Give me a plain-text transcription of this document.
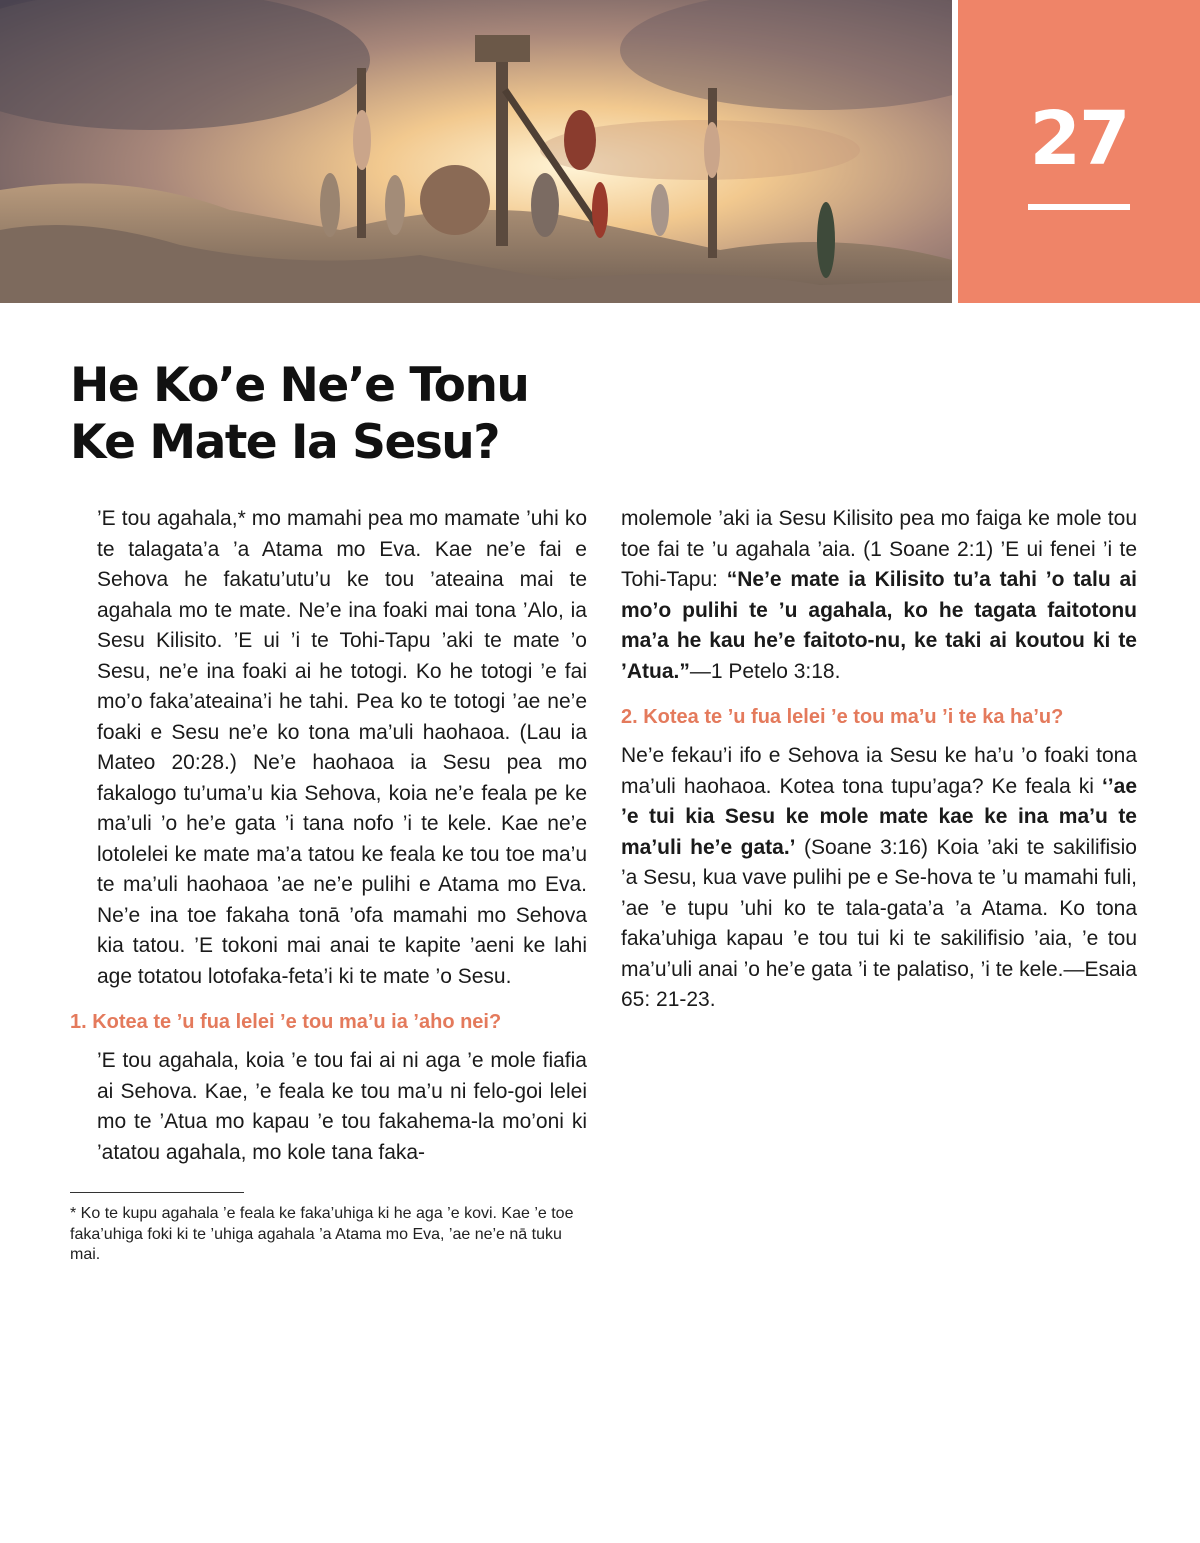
27
He Ko’e Ne’e Tonu
Ke Mate Ia Sesu?

’E tou agahala,* mo mamahi pea mo mamate ’uhi ko te talagata’a ’a Atama mo Eva. Kae ne’e fai e Sehova he fakatu’utu’u ke tou ’ateaina mai te agahala mo te mate. Ne’e ina foaki mai tona ’Alo, ia Sesu Kilisito. ’E ui ’i te Tohi-Tapu ’aki te mate ’o Sesu, ne’e ina foaki ai he totogi. Ko he totogi ’e fai mo’o faka’ateaina’i he tahi. Pea ko te totogi ’ae ne’e foaki e Sesu ne’e ko tona ma’uli haohaoa. (Lau ia Mateo 20:28.) Ne’e haohaoa ia Sesu pea mo fakalogo tu’uma’u kia Sehova, koia ne’e feala pe ke ma’uli ’o he’e gata ’i tana nofo ’i te kele. Kae ne’e lotolelei ke mate ma’a tatou ke feala ke tou toe ma’u te ma’uli haohaoa ’ae ne’e pulihi e Atama mo Eva. Ne’e ina toe fakaha tonā ’ofa mamahi mo Sehova kia tatou. ’E tokoni mai anai te kapite ’aeni ke lahi age totatou lotofaka-feta’i ki te mate ’o Sesu.

1. Kotea te ’u fua lelei ’e tou ma’u ia ’aho nei?

’E tou agahala, koia ’e tou fai ai ni aga ’e mole fiafia ai Sehova. Kae, ’e feala ke tou ma’u ni felo-goi lelei mo te ’Atua mo kapau ’e tou fakahema-la mo’oni ki ’atatou agahala, mo kole tana faka-

* Ko te kupu agahala ’e feala ke faka’uhiga ki he aga ’e kovi. Kae ’e toe faka’uhiga foki ki te ’uhiga agahala ’a Atama mo Eva, ’ae ne’e nā tuku mai.

molemole ’aki ia Sesu Kilisito pea mo faiga ke mole tou toe fai te ’u agahala ’aia. (1 Soane 2:1) ’E ui fenei ’i te Tohi-Tapu: “Ne’e mate ia Kilisito tu’a tahi ’o talu ai mo’o pulihi te ’u agahala, ko he tagata faitotonu ma’a he kau he’e faitoto-nu, ke taki ai koutou ki te ’Atua.”—1 Petelo 3:18.

2. Kotea te ’u fua lelei ’e tou ma’u ’i te ka ha’u?

Ne’e fekau’i ifo e Sehova ia Sesu ke ha’u ’o foaki tona ma’uli haohaoa. Kotea tona tupu’aga? Ke feala ki ‘’ae ’e tui kia Sesu ke mole mate kae ke ina ma’u te ma’uli he’e gata.’ (Soane 3:16) Koia ’aki te sakilifisio ’a Sesu, kua vave pulihi pe e Se-hova te ’u mamahi fuli, ’ae ’e tupu ’uhi ko te tala-gata’a ’a Atama. Ko tona faka’uhiga kapau ’e tou tui ki te sakilifisio ’aia, ’e tou ma’u’uli anai ’o he’e gata ’i te palatiso, ’i te kele.—Esaia 65: 21-23.
